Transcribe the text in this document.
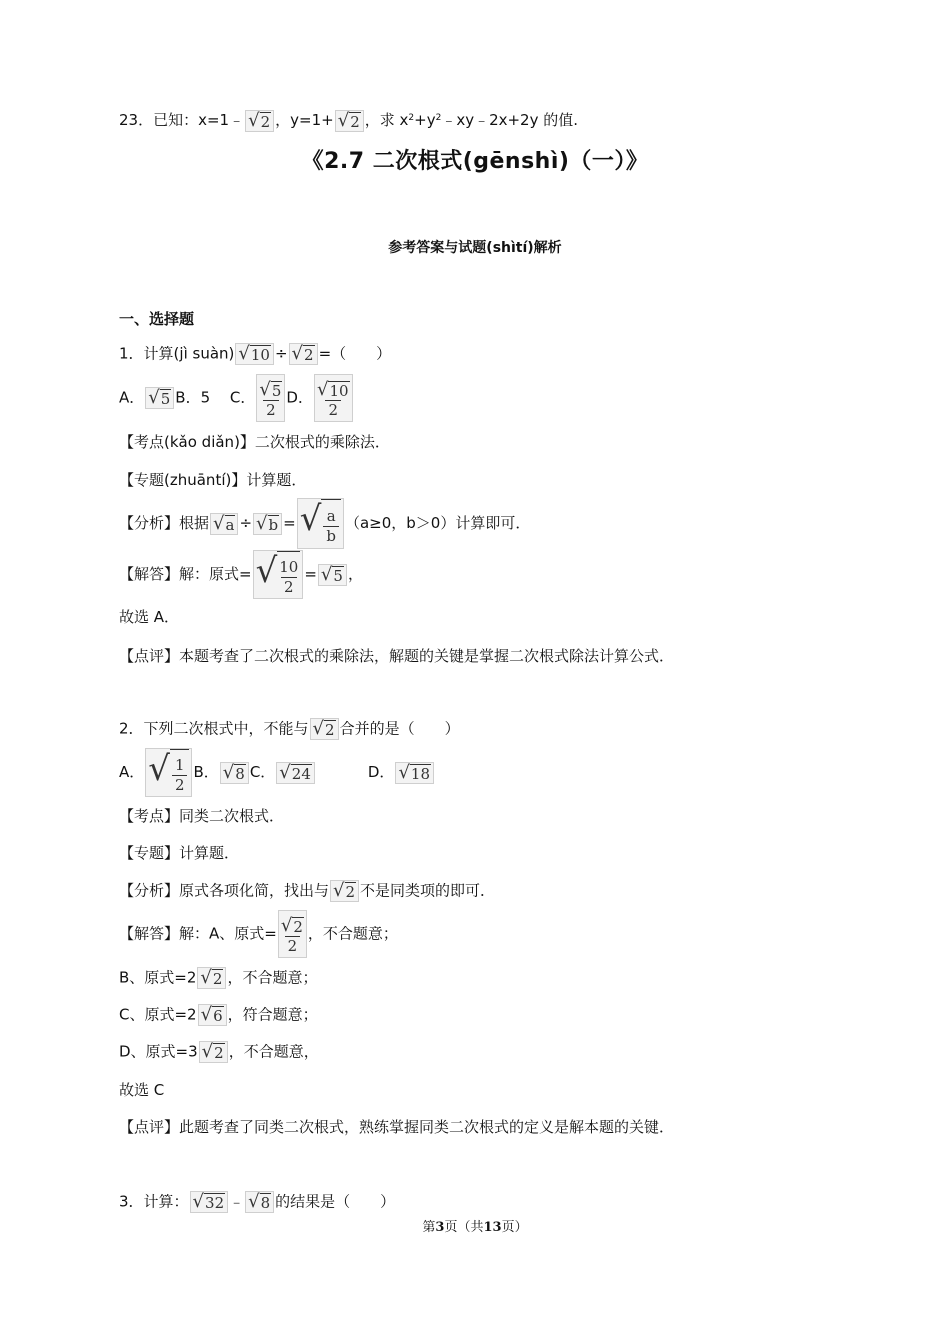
23．已知：x=1﹣ √ 2 ，y=1+ √ 2 ，求 $x^2+y^2﹣xy﹣2x+2y$ 的值.
《2.7 二次根式(gēnshì)（一）》
参考答案与试题(shìtí)解析
一、选择题
1．计算(jì suàn) √ 10 ÷ √ 2 =（　　）
A． √ 5 B．5　 C． $\frac{√ 5}{2}$ D． $\frac{√ 10}{2}$
【考点(kǎo diǎn)】二次根式的乘除法．
【专题(zhuāntí)】计算题．
【分析】根据 √ a ÷ √ b = √ $\frac{a}{b} (a\ge 0$，b＞0）计算即可．
【解答】解：原式= √ $\frac{10}{2}$ = √ 5 ，
故选 A．
【点评】本题考查了二次根式的乘除法，解题的关键是掌握二次根式除法计算公式．
2．下列二次根式中，不能与 √ 2 合并的是（　　）
A． √ $\frac{1}{2}$ B． √ 8 C． √ 24	D． √ 18
【考点】同类二次根式．
【专题】计算题．
【分析】原式各项化简，找出与 √ 2 不是同类项的即可．
【解答】解：A、原式= $\frac{√ 2}{2}$ ，不合题意；
B、原式=2 √ 2 ，不合题意；
C、原式=2 √ 6 ，符合题意；
D、原式=3 √ 2 ，不合题意，
故选 C
【点评】此题考查了同类二次根式，熟练掌握同类二次根式的定义是解本题的关键．
3．计算： √ 32 ﹣ √ 8 的结果是（　　）
第3页（共13页）
